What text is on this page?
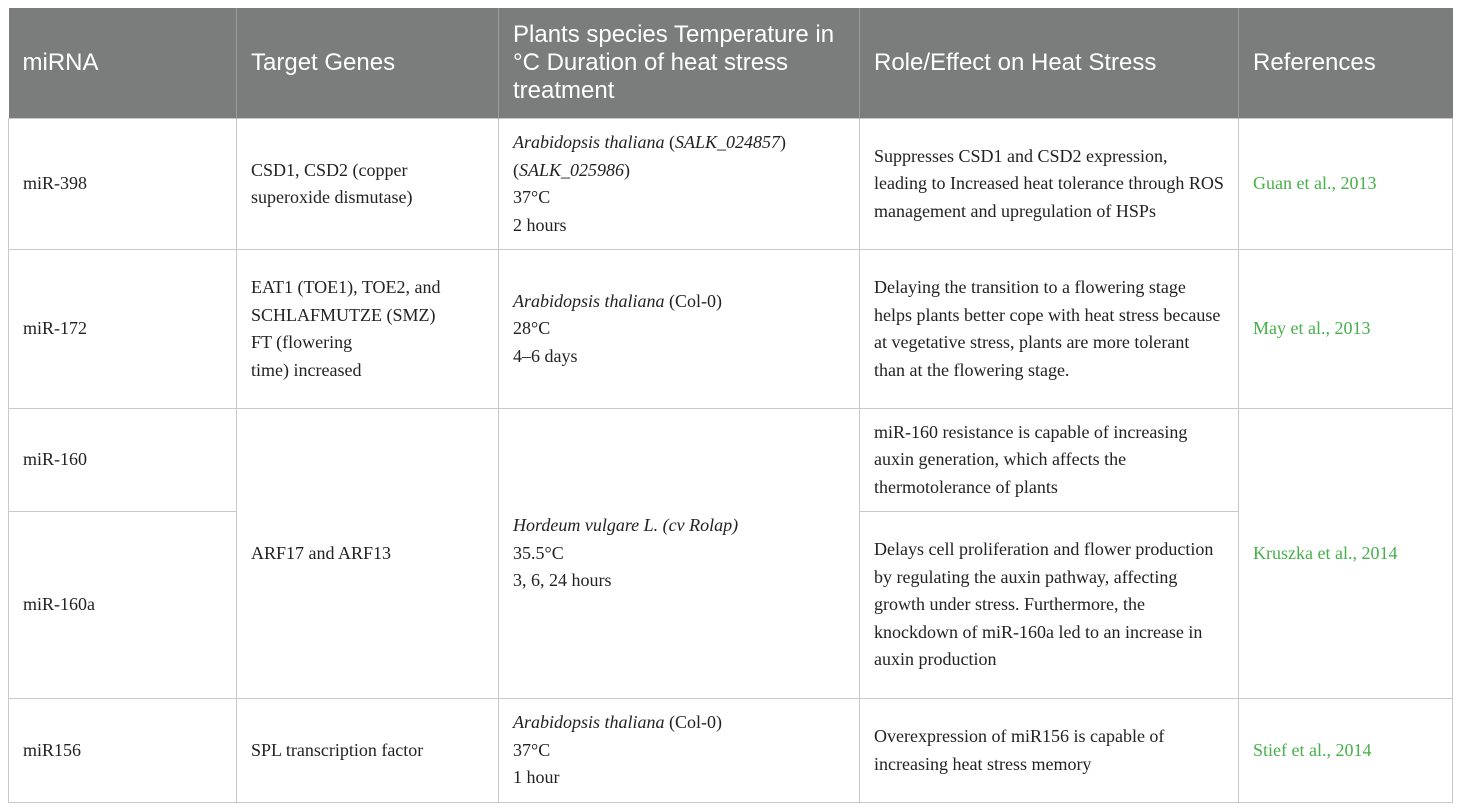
miRNA	Target Genes	Plants species Temperature in °C Duration of heat stress treatment	Role/Effect on Heat Stress	References
miR-398	CSD1, CSD2 (copper superoxide dismutase)	Arabidopsis thaliana (SALK_024857)
(SALK_025986)
37°C
2 hours	Suppresses CSD1 and CSD2 expression, leading to Increased heat tolerance through ROS management and upregulation of HSPs	Guan et al., 2013
miR-172	EAT1 (TOE1), TOE2, and SCHLAFMUTZE (SMZ)
FT (flowering
time) increased	Arabidopsis thaliana (Col-0)
28°C
4–6 days	Delaying the transition to a flowering stage helps plants better cope with heat stress because at vegetative stress, plants are more tolerant than at the flowering stage.	May et al., 2013
miR-160	ARF17 and ARF13	Hordeum vulgare L. (cv Rolap)
35.5°C
3, 6, 24 hours	miR-160 resistance is capable of increasing auxin generation, which affects the thermotolerance of plants	Kruszka et al., 2014
miR-160a			Delays cell proliferation and flower production by regulating the auxin pathway, affecting growth under stress. Furthermore, the knockdown of miR-160a led to an increase in
auxin production	

miR156	SPL transcription factor	Arabidopsis thaliana (Col-0)
37°C
1 hour	Overexpression of miR156 is capable of increasing heat stress memory	Stief et al., 2014
